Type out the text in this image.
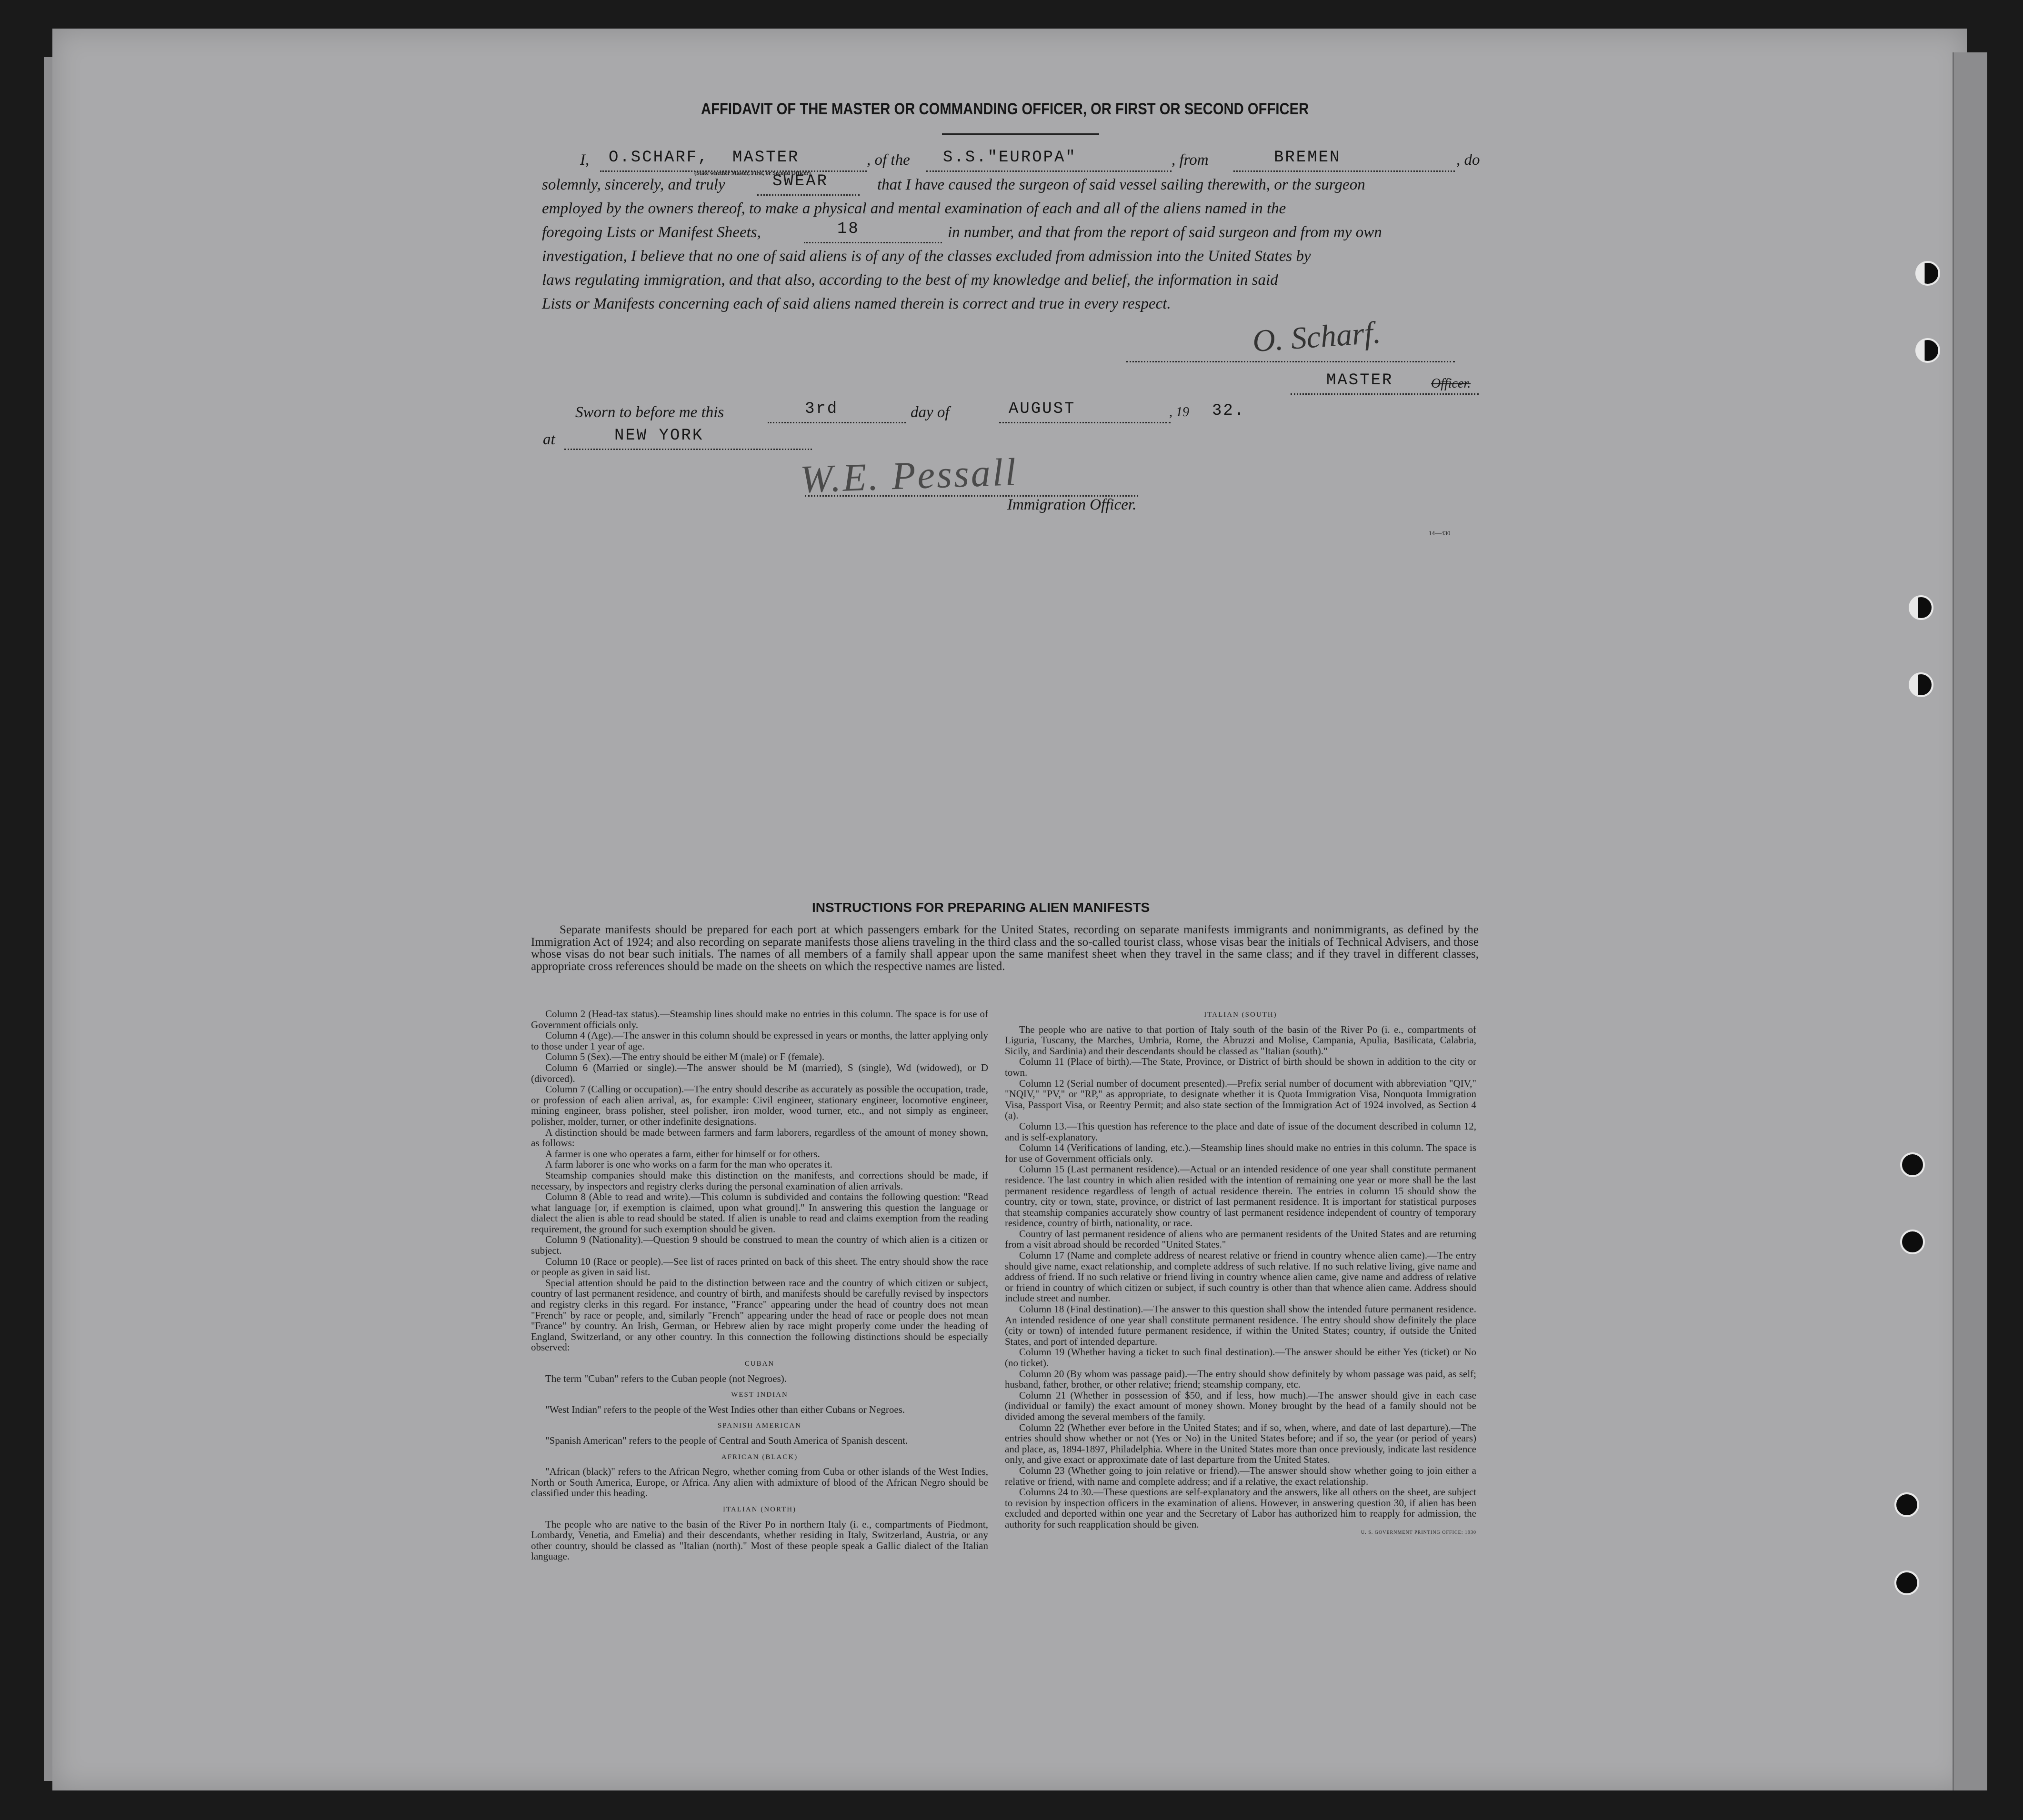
AFFIDAVIT OF THE MASTER OR COMMANDING OFFICER, OR FIRST OR SECOND OFFICER
I, O.SCHARF, MASTER
(State whether Master, First, or Second Officer)
, of the S.S."EUROPA"	, from	BREMEN	, do
solemnly, sincerely, and truly	SWEAR	that I have caused the surgeon of said vessel sailing therewith, or the surgeon
employed by the owners thereof, to make a physical and mental examination of each and all of the aliens named in the
foregoing Lists or Manifest Sheets,	18	in number, and that from the report of said surgeon and from my own
investigation, I believe that no one of said aliens is of any of the classes excluded from admission into the United States by
laws regulating immigration, and that also, according to the best of my knowledge and belief, the information in said
Lists or Manifests concerning each of said aliens named therein is correct and true in every respect.
O. Scharf.
MASTER	Officer.
Sworn to before me this	3rd	day of	AUGUST	, 19 32.
at	NEW YORK
W.E. Pessall
Immigration Officer.
14—430
INSTRUCTIONS FOR PREPARING ALIEN MANIFESTS
Separate manifests should be prepared for each port at which passengers embark for the United States, recording on separate manifests immigrants and nonimmigrants, as defined by the Immigration Act of 1924; and also recording on separate manifests those aliens traveling in the third class and the so-called tourist class, whose visas bear the initials of Technical Advisers, and those whose visas do not bear such initials. The names of all members of a family shall appear upon the same manifest sheet when they travel in the same class; and if they travel in different classes, appropriate cross references should be made on the sheets on which the respective names are listed.

Column 2 (Head-tax status).—Steamship lines should make no entries in this column. The space is for use of Government officials only.

Column 4 (Age).—The answer in this column should be expressed in years or months, the latter applying only to those under 1 year of age.

Column 5 (Sex).—The entry should be either M (male) or F (female).

Column 6 (Married or single).—The answer should be M (married), S (single), Wd (widowed), or D (divorced).

Column 7 (Calling or occupation).—The entry should describe as accurately as possible the occupation, trade, or profession of each alien arrival, as, for example: Civil engineer, stationary engineer, locomotive engineer, mining engineer, brass polisher, steel polisher, iron molder, wood turner, etc., and not simply as engineer, polisher, molder, turner, or other indefinite designations.

A distinction should be made between farmers and farm laborers, regardless of the amount of money shown, as follows:

A farmer is one who operates a farm, either for himself or for others.

A farm laborer is one who works on a farm for the man who operates it.

Steamship companies should make this distinction on the manifests, and corrections should be made, if necessary, by inspectors and registry clerks during the personal examination of alien arrivals.

Column 8 (Able to read and write).—This column is subdivided and contains the following question: "Read what language [or, if exemption is claimed, upon what ground]." In answering this question the language or dialect the alien is able to read should be stated. If alien is unable to read and claims exemption from the reading requirement, the ground for such exemption should be given.

Column 9 (Nationality).—Question 9 should be construed to mean the country of which alien is a citizen or subject.

Column 10 (Race or people).—See list of races printed on back of this sheet. The entry should show the race or people as given in said list.

Special attention should be paid to the distinction between race and the country of which citizen or subject, country of last permanent residence, and country of birth, and manifests should be carefully revised by inspectors and registry clerks in this regard. For instance, "France" appearing under the head of country does not mean "French" by race or people, and, similarly "French" appearing under the head of race or people does not mean "France" by country. An Irish, German, or Hebrew alien by race might properly come under the heading of England, Switzerland, or any other country. In this connection the following distinctions should be especially observed:

CUBAN

The term "Cuban" refers to the Cuban people (not Negroes).

WEST INDIAN

"West Indian" refers to the people of the West Indies other than either Cubans or Negroes.

SPANISH AMERICAN

"Spanish American" refers to the people of Central and South America of Spanish descent.

AFRICAN (BLACK)

"African (black)" refers to the African Negro, whether coming from Cuba or other islands of the West Indies, North or South America, Europe, or Africa. Any alien with admixture of blood of the African Negro should be classified under this heading.

ITALIAN (NORTH)

The people who are native to the basin of the River Po in northern Italy (i. e., compartments of Piedmont, Lombardy, Venetia, and Emelia) and their descendants, whether residing in Italy, Switzerland, Austria, or any other country, should be classed as "Italian (north)." Most of these people speak a Gallic dialect of the Italian language.

ITALIAN (SOUTH)

The people who are native to that portion of Italy south of the basin of the River Po (i. e., compartments of Liguria, Tuscany, the Marches, Umbria, Rome, the Abruzzi and Molise, Campania, Apulia, Basilicata, Calabria, Sicily, and Sardinia) and their descendants should be classed as "Italian (south)."

Column 11 (Place of birth).—The State, Province, or District of birth should be shown in addition to the city or town.

Column 12 (Serial number of document presented).—Prefix serial number of document with abbreviation "QIV," "NQIV," "PV," or "RP," as appropriate, to designate whether it is Quota Immigration Visa, Nonquota Immigration Visa, Passport Visa, or Reentry Permit; and also state section of the Immigration Act of 1924 involved, as Section 4 (a).

Column 13.—This question has reference to the place and date of issue of the document described in column 12, and is self-explanatory.

Column 14 (Verifications of landing, etc.).—Steamship lines should make no entries in this column. The space is for use of Government officials only.

Column 15 (Last permanent residence).—Actual or an intended residence of one year shall constitute permanent residence. The last country in which alien resided with the intention of remaining one year or more shall be the last permanent residence regardless of length of actual residence therein. The entries in column 15 should show the country, city or town, state, province, or district of last permanent residence. It is important for statistical purposes that steamship companies accurately show country of last permanent residence independent of country of temporary residence, country of birth, nationality, or race.

Country of last permanent residence of aliens who are permanent residents of the United States and are returning from a visit abroad should be recorded "United States."

Column 17 (Name and complete address of nearest relative or friend in country whence alien came).—The entry should give name, exact relationship, and complete address of such relative. If no such relative living, give name and address of friend. If no such relative or friend living in country whence alien came, give name and address of relative or friend in country of which citizen or subject, if such country is other than that whence alien came. Address should include street and number.

Column 18 (Final destination).—The answer to this question shall show the intended future permanent residence. An intended residence of one year shall constitute permanent residence. The entry should show definitely the place (city or town) of intended future permanent residence, if within the United States; country, if outside the United States, and port of intended departure.

Column 19 (Whether having a ticket to such final destination).—The answer should be either Yes (ticket) or No (no ticket).

Column 20 (By whom was passage paid).—The entry should show definitely by whom passage was paid, as self; husband, father, brother, or other relative; friend; steamship company, etc.

Column 21 (Whether in possession of $50, and if less, how much).—The answer should give in each case (individual or family) the exact amount of money shown. Money brought by the head of a family should not be divided among the several members of the family.

Column 22 (Whether ever before in the United States; and if so, when, where, and date of last departure).—The entries should show whether or not (Yes or No) in the United States before; and if so, the year (or period of years) and place, as, 1894-1897, Philadelphia. Where in the United States more than once previously, indicate last residence only, and give exact or approximate date of last departure from the United States.

Column 23 (Whether going to join relative or friend).—The answer should show whether going to join either a relative or friend, with name and complete address; and if a relative, the exact relationship.

Columns 24 to 30.—These questions are self-explanatory and the answers, like all others on the sheet, are subject to revision by inspection officers in the examination of aliens. However, in answering question 30, if alien has been excluded and deported within one year and the Secretary of Labor has authorized him to reapply for admission, the authority for such reapplication should be given.

U. S. GOVERNMENT PRINTING OFFICE: 1930
